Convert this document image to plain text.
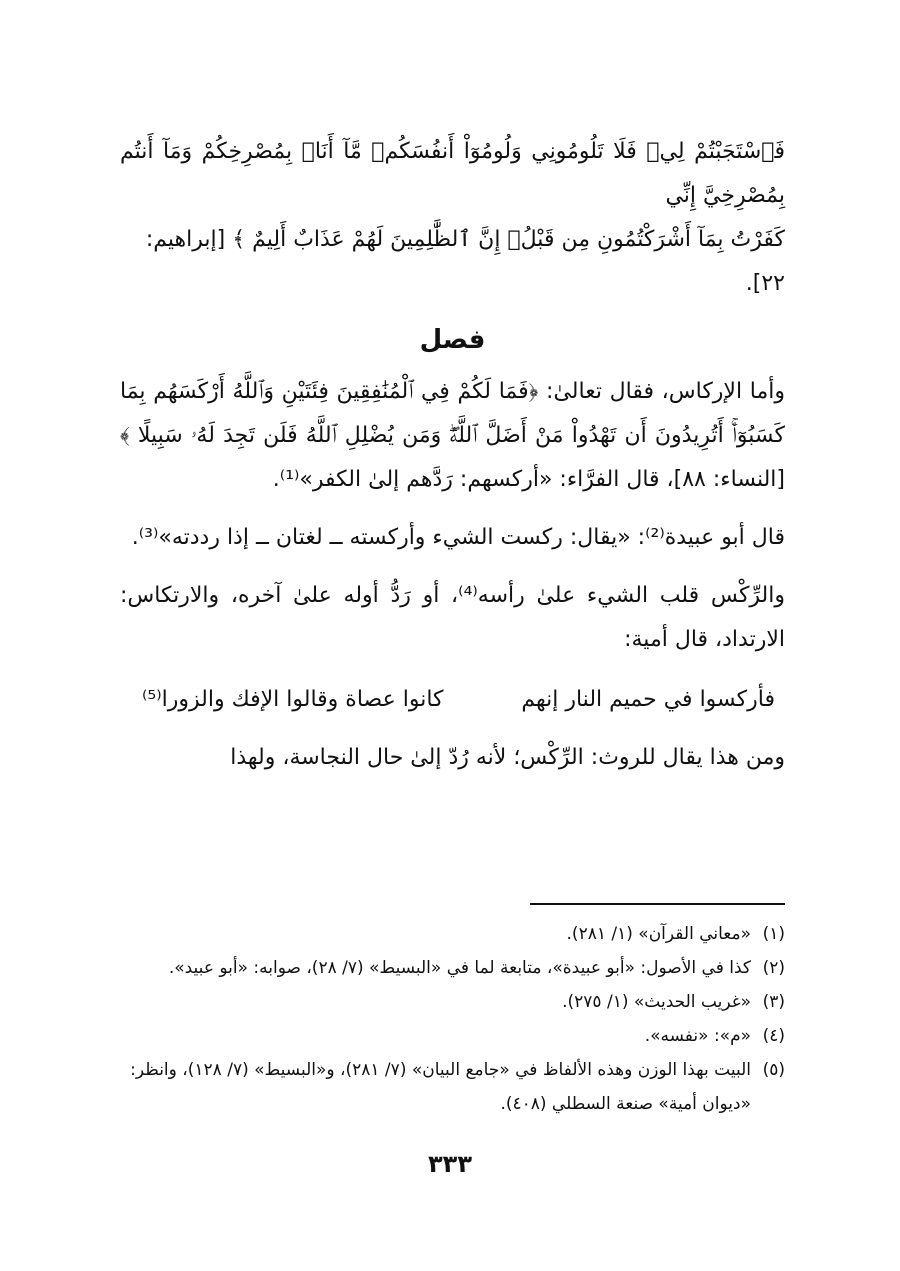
فَٱسْتَجَبْتُمْ لِيۖ فَلَا تَلُومُونِي وَلُومُوٓاْ أَنفُسَكُمۖ مَّآ أَنَا۠ بِمُصْرِخِكُمْ وَمَآ أَنتُم بِمُصْرِخِيَّ إِنِّي

كَفَرْتُ بِمَآ أَشْرَكْتُمُونِ مِن قَبْلُۗ إِنَّ ٱلظَّٰلِمِينَ لَهُمْ عَذَابٌ أَلِيمٌ ﴾ [إبراهيم:

٢٢].

فصل

وأما الإركاس، فقال تعالىٰ: ﴿فَمَا لَكُمْ فِي ٱلْمُنَٰفِقِينَ فِئَتَيْنِ وَٱللَّهُ أَرْكَسَهُم بِمَا كَسَبُوٓاْۚ أَتُرِيدُونَ أَن تَهْدُواْ مَنْ أَضَلَّ ٱللَّهُۖ وَمَن يُضْلِلِ ٱللَّهُ فَلَن تَجِدَ لَهُۥ سَبِيلًا ﴾ [النساء: ٨٨]، قال الفرَّاء: «أركسهم: رَدَّهم إلىٰ الكفر»⁽¹⁾.

قال أبو عبيدة⁽²⁾: «يقال: ركست الشيء وأركسته ــ لغتان ــ إذا رددته»⁽³⁾.

والرِّكْس قلب الشيء علىٰ رأسه⁽⁴⁾، أو رَدُّ أوله علىٰ آخره، والارتكاس: الارتداد، قال أمية:

فأركسوا في حميم النار إنهم
كانوا عصاة وقالوا الإفك والزورا⁽⁵⁾

ومن هذا يقال للروث: الرِّكْس؛ لأنه رُدّ إلىٰ حال النجاسة، ولهذا

(١)
«معاني القرآن» (١/ ٢٨١).
(٢)
كذا في الأصول: «أبو عبيدة»، متابعة لما في «البسيط» (٧/ ٢٨)، صوابه: «أبو عبيد».
(٣)
«غريب الحديث» (١/ ٢٧٥).
(٤)
«م»: «نفسه».
(٥)
البيت بهذا الوزن وهذه الألفاظ في «جامع البيان» (٧/ ٢٨١)، و«البسيط» (٧/ ١٢٨)، وانظر: «ديوان أمية» صنعة السطلي (٤٠٨).
٣٣٣
